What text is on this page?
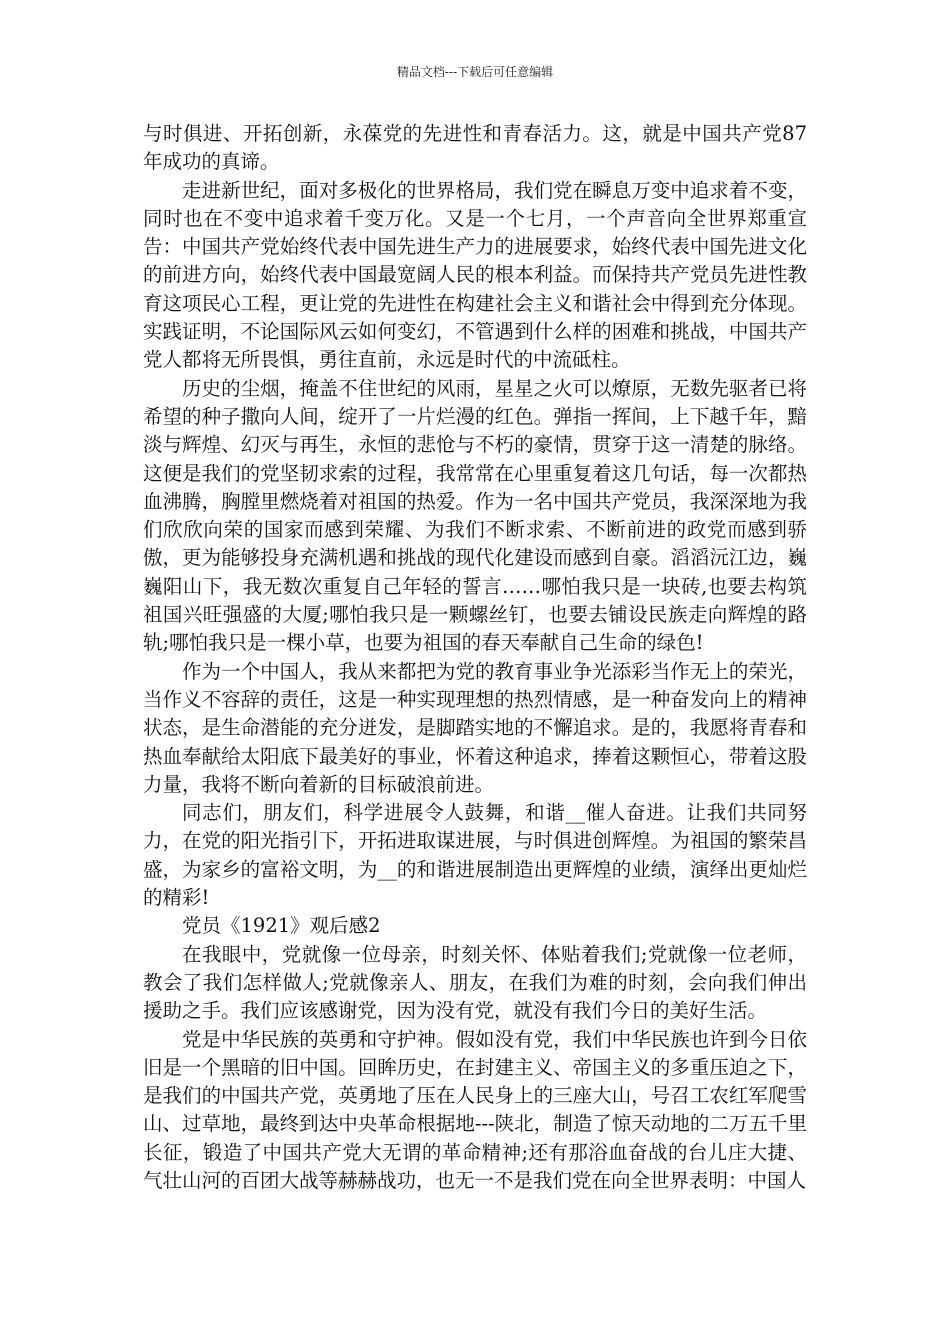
精品文档---下载后可任意编辑

与时俱进、开拓创新，永葆党的先进性和青春活力。这，就是中国共产党87年成功的真谛。

走进新世纪，面对多极化的世界格局，我们党在瞬息万变中追求着不变，同时也在不变中追求着千变万化。又是一个七月，一个声音向全世界郑重宣告：中国共产党始终代表中国先进生产力的进展要求，始终代表中国先进文化的前进方向，始终代表中国最宽阔人民的根本利益。而保持共产党员先进性教育这项民心工程，更让党的先进性在构建社会主义和谐社会中得到充分体现。实践证明，不论国际风云如何变幻，不管遇到什么样的困难和挑战，中国共产党人都将无所畏惧，勇往直前，永远是时代的中流砥柱。

历史的尘烟，掩盖不住世纪的风雨，星星之火可以燎原，无数先驱者已将希望的种子撒向人间，绽开了一片烂漫的红色。弹指一挥间，上下越千年，黯淡与辉煌、幻灭与再生，永恒的悲怆与不朽的豪情，贯穿于这一清楚的脉络。这便是我们的党坚韧求索的过程，我常常在心里重复着这几句话，每一次都热血沸腾，胸膛里燃烧着对祖国的热爱。作为一名中国共产党员，我深深地为我们欣欣向荣的国家而感到荣耀、为我们不断求索、不断前进的政党而感到骄傲，更为能够投身充满机遇和挑战的现代化建设而感到自豪。滔滔沅江边，巍巍阳山下，我无数次重复自己年轻的誓言……哪怕我只是一块砖,也要去构筑祖国兴旺强盛的大厦;哪怕我只是一颗螺丝钉，也要去铺设民族走向辉煌的路轨;哪怕我只是一棵小草，也要为祖国的春天奉献自己生命的绿色!

作为一个中国人，我从来都把为党的教育事业争光添彩当作无上的荣光，当作义不容辞的责任，这是一种实现理想的热烈情感，是一种奋发向上的精神状态，是生命潜能的充分迸发，是脚踏实地的不懈追求。是的，我愿将青春和热血奉献给太阳底下最美好的事业，怀着这种追求，捧着这颗恒心，带着这股力量，我将不断向着新的目标破浪前进。

同志们，朋友们，科学进展令人鼓舞，和谐__催人奋进。让我们共同努力，在党的阳光指引下，开拓进取谋进展，与时俱进创辉煌。为祖国的繁荣昌盛，为家乡的富裕文明，为__的和谐进展制造出更辉煌的业绩，演绎出更灿烂的精彩!

党员《1921》观后感2

在我眼中，党就像一位母亲，时刻关怀、体贴着我们;党就像一位老师，教会了我们怎样做人;党就像亲人、朋友，在我们为难的时刻，会向我们伸出援助之手。我们应该感谢党，因为没有党，就没有我们今日的美好生活。

党是中华民族的英勇和守护神。假如没有党，我们中华民族也许到今日依旧是一个黑暗的旧中国。回眸历史，在封建主义、帝国主义的多重压迫之下，是我们的中国共产党，英勇地了压在人民身上的三座大山，号召工农红军爬雪山、过草地，最终到达中央革命根据地---陕北，制造了惊天动地的二万五千里长征，锻造了中国共产党大无谓的革命精神;还有那浴血奋战的台儿庄大捷、气壮山河的百团大战等赫赫战功，也无一不是我们党在向全世界表明：中国人
